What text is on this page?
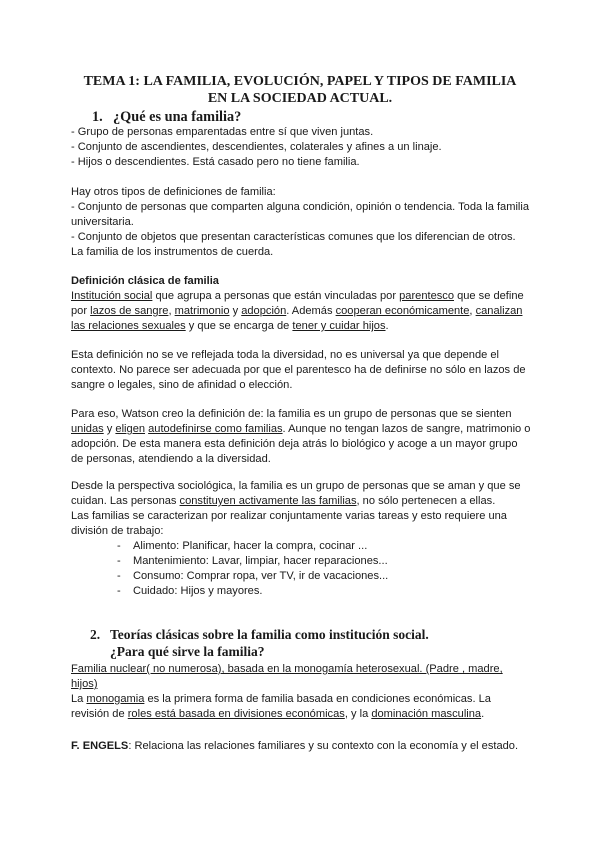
TEMA 1: LA FAMILIA, EVOLUCIÓN, PAPEL Y TIPOS DE FAMILIA EN LA SOCIEDAD ACTUAL.
1. ¿Qué es una familia?
- Grupo de personas emparentadas entre sí que viven juntas.
- Conjunto de ascendientes, descendientes, colaterales y afines a un linaje.
- Hijos o descendientes. Está casado pero no tiene familia.

Hay otros tipos de definiciones de familia:

- Conjunto de personas que comparten alguna condición, opinión o tendencia. Toda la familia universitaria.

- Conjunto de objetos que presentan características comunes que los diferencian de otros. La familia de los instrumentos de cuerda.

Definición clásica de familia

Institución social que agrupa a personas que están vinculadas por parentesco que se define por lazos de sangre, matrimonio y adopción. Además cooperan económicamente, canalizan las relaciones sexuales y que se encarga de tener y cuidar hijos.

Esta definición no se ve reflejada toda la diversidad, no es universal ya que depende el contexto. No parece ser adecuada por que el parentesco ha de definirse no sólo en lazos de sangre o legales, sino de afinidad o elección.

Para eso, Watson creo la definición de: la familia es un grupo de personas que se sienten unidas y eligen autodefinirse como familias. Aunque no tengan lazos de sangre, matrimonio o adopción. De esta manera esta definición deja atrás lo biológico y acoge a un mayor grupo de personas, atendiendo a la diversidad.

Desde la perspectiva sociológica, la familia es un grupo de personas que se aman y que se cuidan. Las personas constituyen activamente las familias, no sólo pertenecen a ellas.

Las familias se caracterizan por realizar conjuntamente varias tareas y esto requiere una división de trabajo:

- Alimento: Planificar, hacer la compra, cocinar ...
- Mantenimiento: Lavar, limpiar, hacer reparaciones...
- Consumo: Comprar ropa, ver TV, ir de vacaciones...
- Cuidado: Hijos y mayores.
2. Teorías clásicas sobre la familia como institución social.
¿Para qué sirve la familia?

Familia nuclear( no numerosa), basada en la monogamía heterosexual. (Padre , madre, hijos)

La monogamia es la primera forma de familia basada en condiciones económicas. La revisión de roles está basada en divisiones económicas, y la dominación masculina.

F. ENGELS: Relaciona las relaciones familiares y su contexto con la economía y el estado.
